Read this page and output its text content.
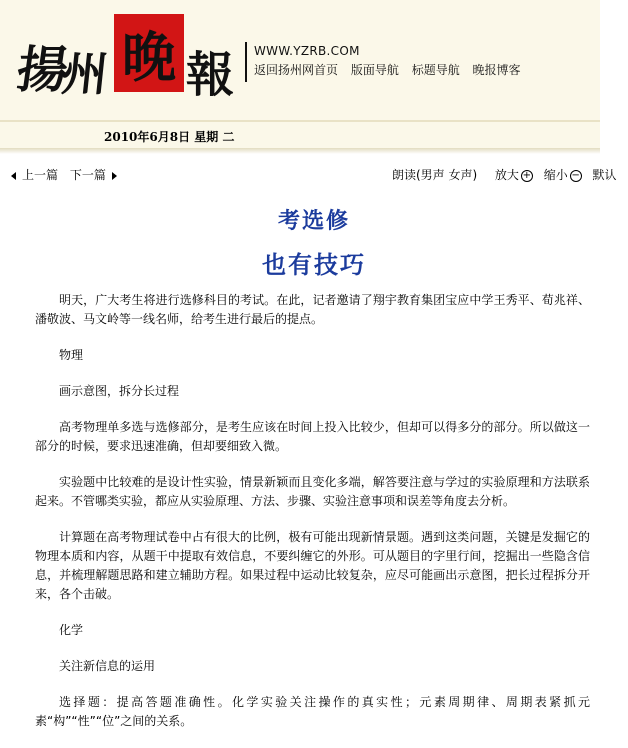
揚
州 晚 報 WWW.YZRB.COM
返回扬州网首页 版面导航 标题导航 晚报博客
2010年6月8日 星期 二
上一篇 下一篇	朗读(男声 女声) 放大 + 缩小 − 默认
考选修
也有技巧

明天，广大考生将进行选修科目的考试。在此，记者邀请了翔宇教育集团宝应中学王秀平、荀兆祥、潘敬波、马文岭等一线名师，给考生进行最后的提点。

物理

画示意图，拆分长过程

高考物理单多选与选修部分，是考生应该在时间上投入比较少，但却可以得多分的部分。所以做这一部分的时候，要求迅速准确，但却要细致入微。

实验题中比较难的是设计性实验，情景新颖而且变化多端，解答要注意与学过的实验原理和方法联系起来。不管哪类实验，都应从实验原理、方法、步骤、实验注意事项和误差等角度去分析。

计算题在高考物理试卷中占有很大的比例，极有可能出现新情景题。遇到这类问题，关键是发掘它的物理本质和内容，从题干中提取有效信息，不要纠缠它的外形。可从题目的字里行间，挖掘出一些隐含信息，并梳理解题思路和建立辅助方程。如果过程中运动比较复杂，应尽可能画出示意图，把长过程拆分开来，各个击破。

化学

关注新信息的运用

选择题：提高答题准确性。化学实验关注操作的真实性；元素周期律、周期表紧抓元素“构”“性”“位”之间的关系。
